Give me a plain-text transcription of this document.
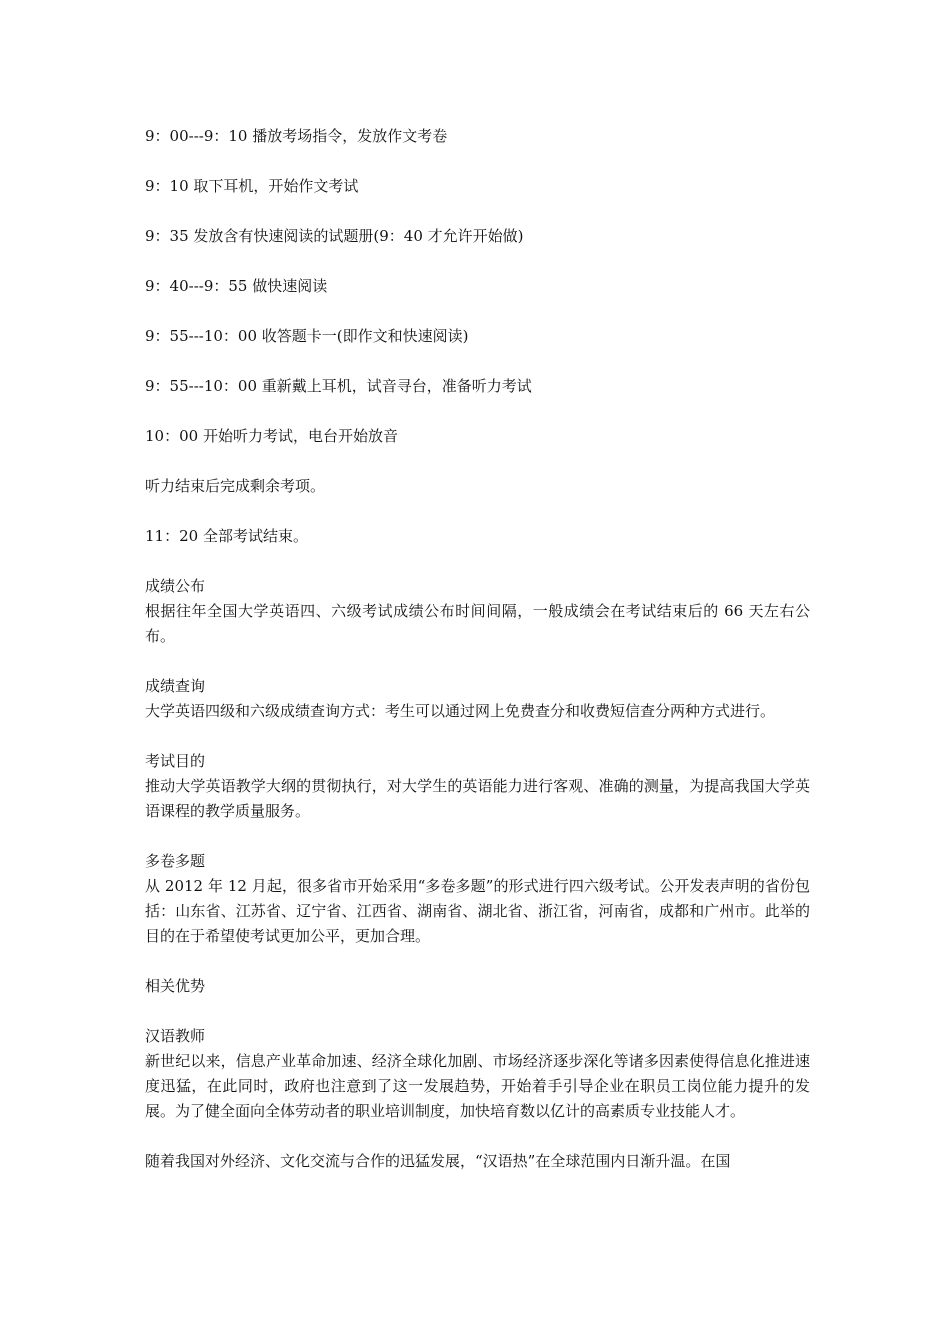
9：00---9：10 播放考场指令，发放作文考卷

9：10 取下耳机，开始作文考试

9：35 发放含有快速阅读的试题册(9：40 才允许开始做)

9：40---9：55 做快速阅读

9：55---10：00 收答题卡一(即作文和快速阅读)

9：55---10：00 重新戴上耳机，试音寻台，准备听力考试

10：00 开始听力考试，电台开始放音

听力结束后完成剩余考项。

11：20 全部考试结束。

成绩公布

根据往年全国大学英语四、六级考试成绩公布时间间隔，一般成绩会在考试结束后的 66 天左右公布。

成绩查询

大学英语四级和六级成绩查询方式：考生可以通过网上免费查分和收费短信查分两种方式进行。

考试目的

推动大学英语教学大纲的贯彻执行，对大学生的英语能力进行客观、准确的测量，为提高我国大学英语课程的教学质量服务。

多卷多题

从 2012 年 12 月起，很多省市开始采用“多卷多题”的形式进行四六级考试。公开发表声明的省份包括：山东省、江苏省、辽宁省、江西省、湖南省、湖北省、浙江省，河南省，成都和广州市。此举的目的在于希望使考试更加公平，更加合理。

相关优势

汉语教师

新世纪以来，信息产业革命加速、经济全球化加剧、市场经济逐步深化等诸多因素使得信息化推进速度迅猛，在此同时，政府也注意到了这一发展趋势，开始着手引导企业在职员工岗位能力提升的发展。为了健全面向全体劳动者的职业培训制度，加快培育数以亿计的高素质专业技能人才。

随着我国对外经济、文化交流与合作的迅猛发展，“汉语热”在全球范围内日渐升温。在国
